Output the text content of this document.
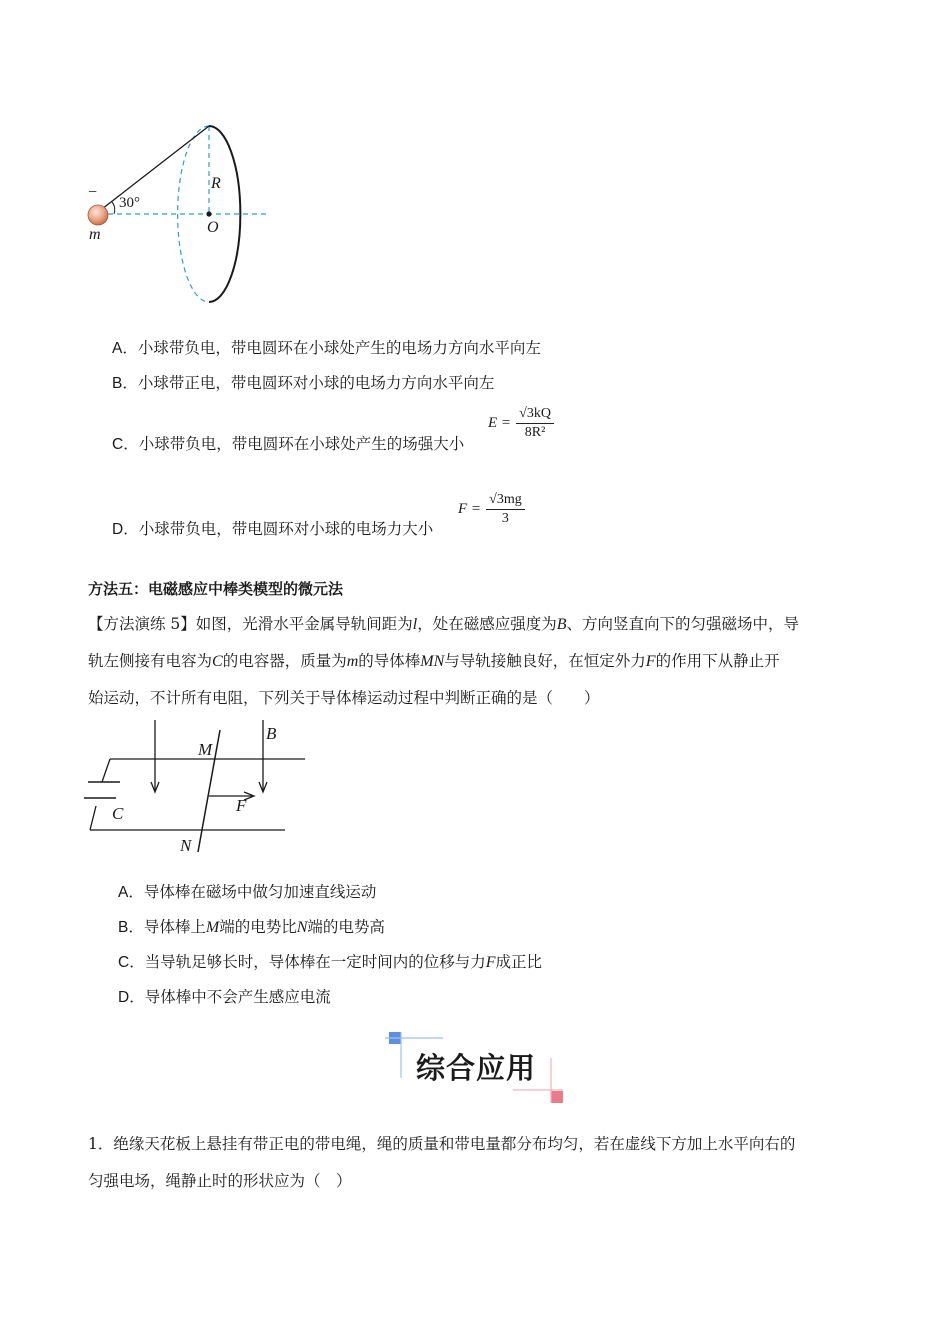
−
30°
R
O
m
A．小球带负电，带电圆环在小球处产生的电场力方向水平向左
B．小球带正电，带电圆环对小球的电场力方向水平向左
C．小球带负电，带电圆环在小球处产生的场强大小
$E = \frac{√3kQ}{\text{8R²}}$
D．小球带负电，带电圆环对小球的电场力大小
$F = \frac{√3mg}{3}$
方法五：电磁感应中棒类模型的微元法
【方法演练 5】如图，光滑水平金属导轨间距为l，处在磁感应强度为B、方向竖直向下的匀强磁场中，导
轨左侧接有电容为C的电容器，质量为m的导体棒MN与导轨接触良好，在恒定外力F的作用下从静止开
始运动，不计所有电阻，下列关于导体棒运动过程中判断正确的是（　　）
M
B
F
C
N
A．导体棒在磁场中做匀加速直线运动
B．导体棒上M端的电势比N端的电势高
C．当导轨足够长时，导体棒在一定时间内的位移与力F成正比
D．导体棒中不会产生感应电流
综合应用
1．绝缘天花板上悬挂有带正电的带电绳，绳的质量和带电量都分布均匀，若在虚线下方加上水平向右的
匀强电场，绳静止时的形状应为（　）
